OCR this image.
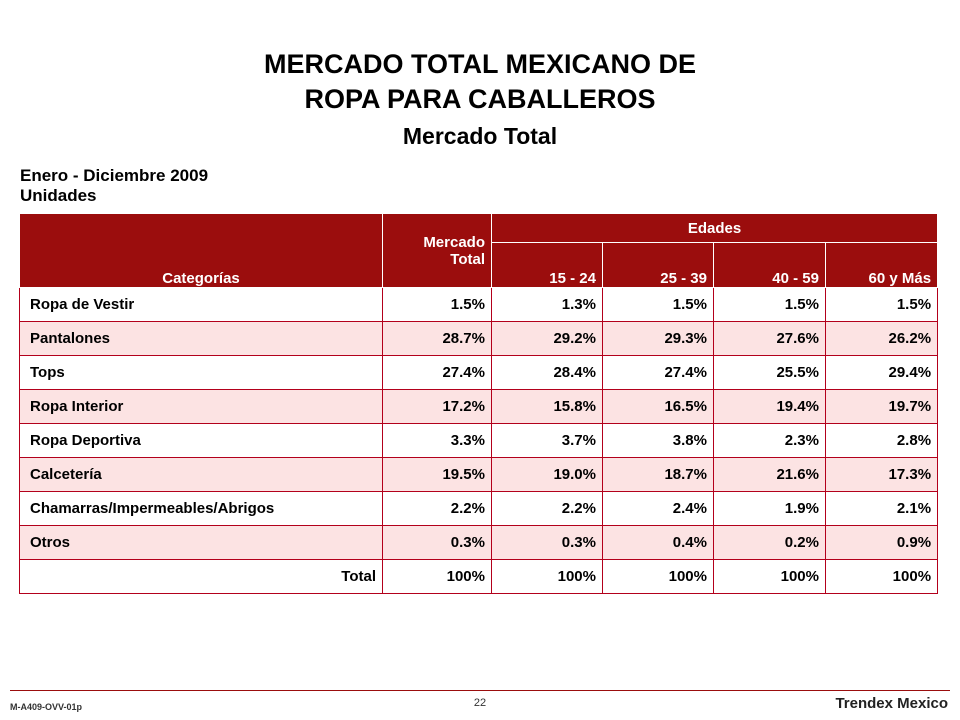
MERCADO TOTAL MEXICANO DE
ROPA PARA CABALLEROS
Mercado Total
Enero - Diciembre 2009
Unidades
Categorías	Mercado Total	Edades			
		15 - 24	25 - 39	40 - 59	60 y Más
Ropa de Vestir	1.5%	1.3%	1.5%	1.5%	1.5%
Pantalones	28.7%	29.2%	29.3%	27.6%	26.2%
Tops	27.4%	28.4%	27.4%	25.5%	29.4%
Ropa Interior	17.2%	15.8%	16.5%	19.4%	19.7%
Ropa Deportiva	3.3%	3.7%	3.8%	2.3%	2.8%
Calcetería	19.5%	19.0%	18.7%	21.6%	17.3%
Chamarras/Impermeables/Abrigos	2.2%	2.2%	2.4%	1.9%	2.1%
Otros	0.3%	0.3%	0.4%	0.2%	0.9%
Total	100%	100%	100%	100%	100%
M-A409-OVV-01p	22	Trendex Mexico
